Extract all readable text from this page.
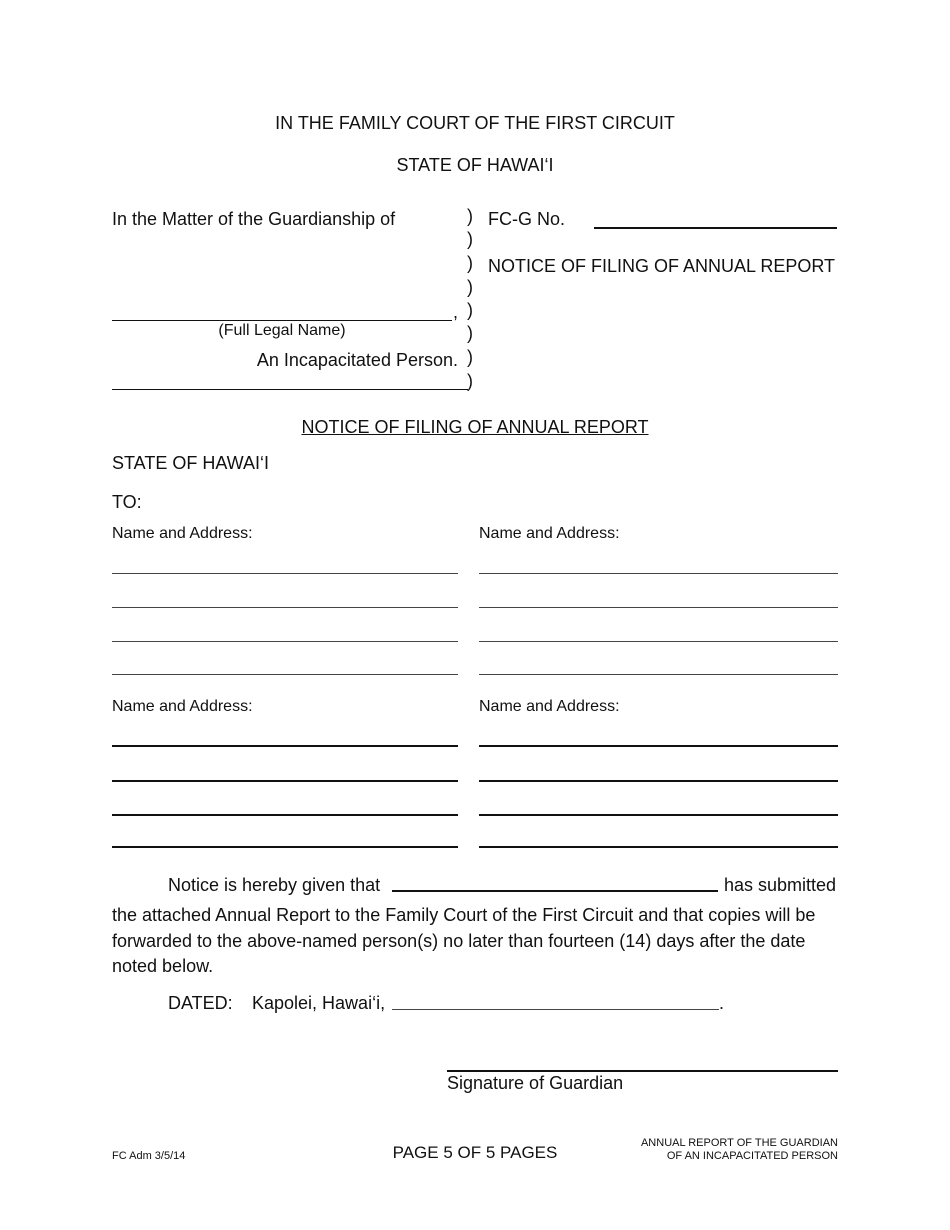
IN THE FAMILY COURT OF THE FIRST CIRCUIT
STATE OF HAWAI‘I
In the Matter of the Guardianship of
,
(Full Legal Name)
An Incapacitated Person.
)
)
)
)
)
)
)
)
FC-G No.
NOTICE OF FILING OF ANNUAL REPORT
NOTICE OF FILING OF ANNUAL REPORT
STATE OF HAWAI‘I
TO:
Name and Address:	Name and Address:
Name and Address:	Name and Address:
Notice is hereby given that	has submitted
the attached Annual Report to the Family Court of the First Circuit and that copies will be
forwarded to the above-named person(s) no later than fourteen (14) days after the date
noted below.
DATED: Kapolei, Hawai‘i,	.
Signature of Guardian
FC Adm 3/5/14	PAGE 5 OF 5 PAGES	ANNUAL REPORT OF THE GUARDIAN
OF AN INCAPACITATED PERSON
